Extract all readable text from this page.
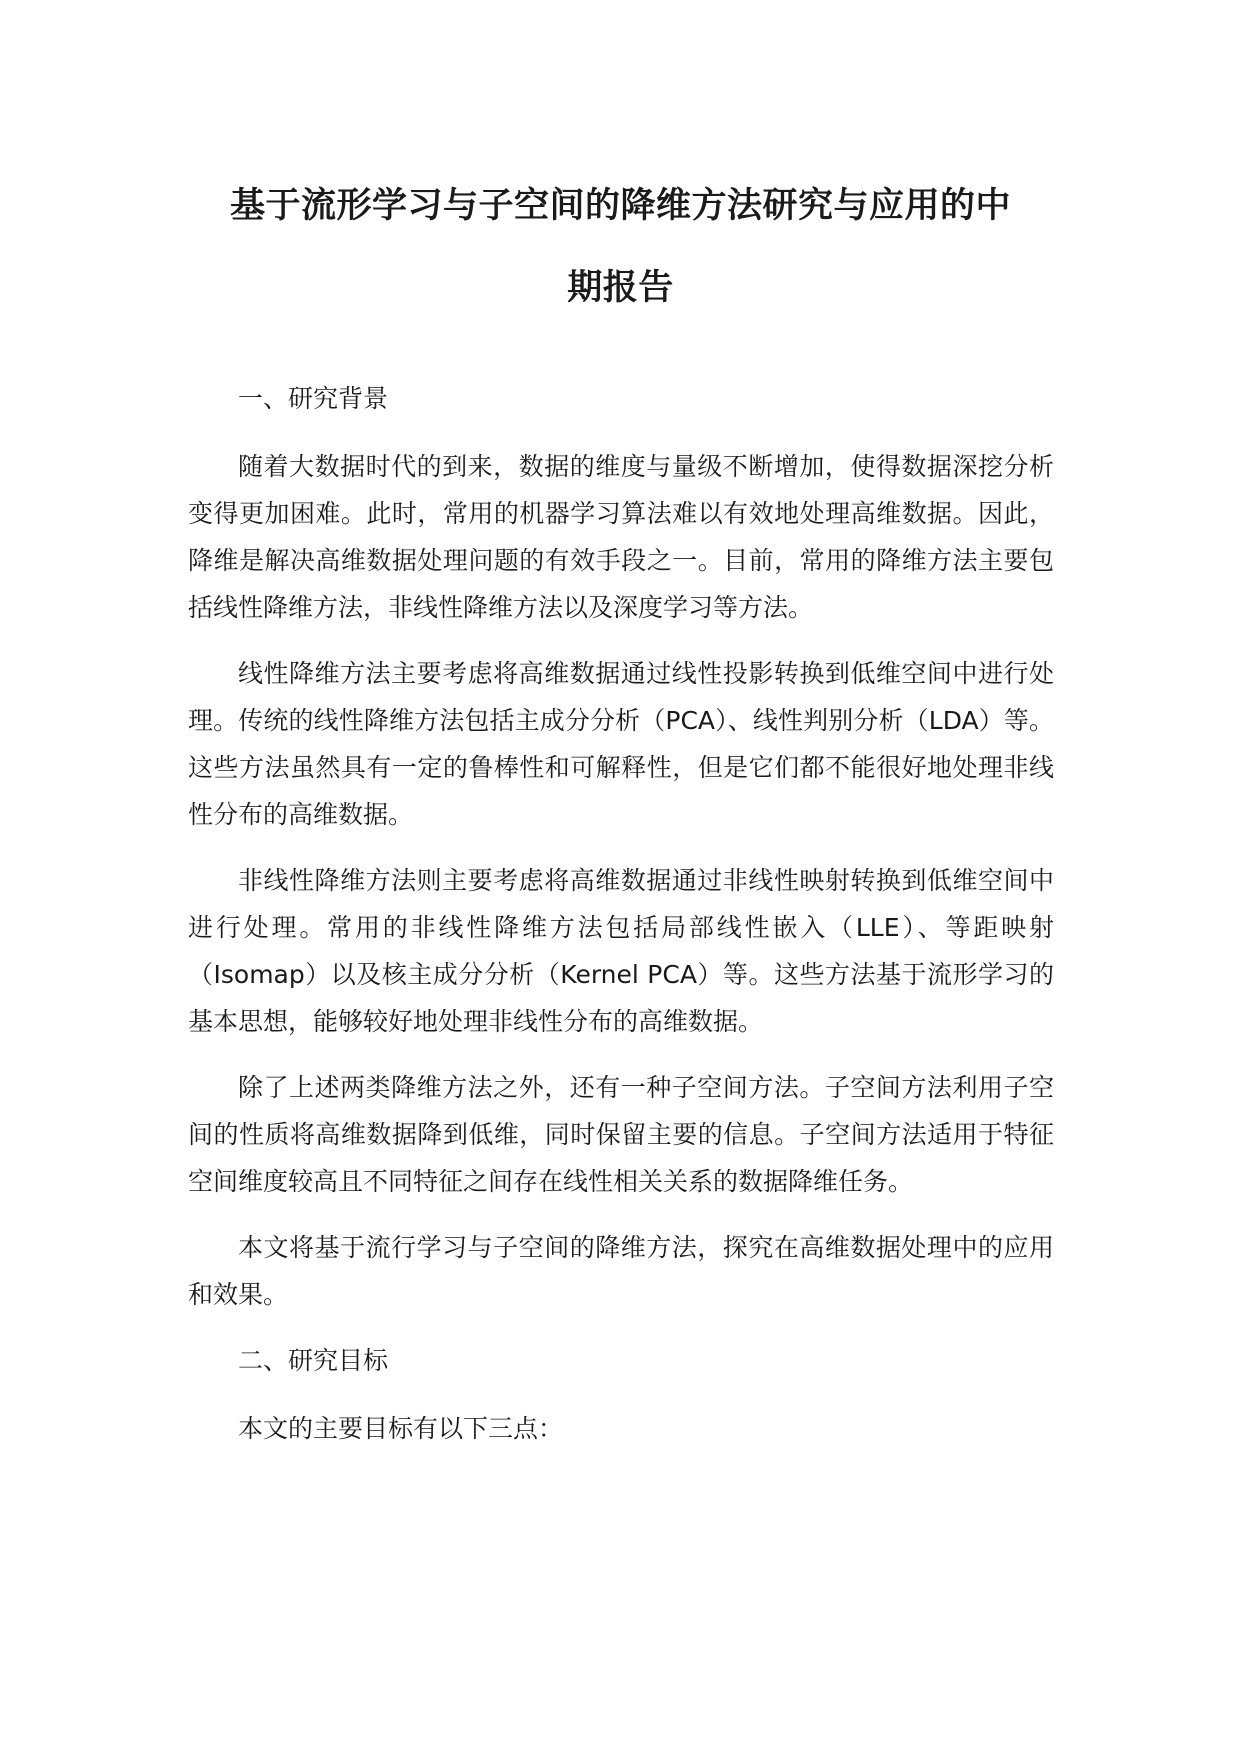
基于流形学习与子空间的降维方法研究与应用的中
期报告

一、研究背景

随着大数据时代的到来，数据的维度与量级不断增加，使得数据深挖分析变得更加困难。此时，常用的机器学习算法难以有效地处理高维数据。因此，降维是解决高维数据处理问题的有效手段之一。目前，常用的降维方法主要包括线性降维方法，非线性降维方法以及深度学习等方法。

线性降维方法主要考虑将高维数据通过线性投影转换到低维空间中进行处理。传统的线性降维方法包括主成分分析（PCA）、线性判别分析（LDA）等。这些方法虽然具有一定的鲁棒性和可解释性，但是它们都不能很好地处理非线性分布的高维数据。

非线性降维方法则主要考虑将高维数据通过非线性映射转换到低维空间中进行处理。常用的非线性降维方法包括局部线性嵌入（LLE）、等距映射（Isomap）以及核主成分分析（Kernel PCA）等。这些方法基于流形学习的基本思想，能够较好地处理非线性分布的高维数据。

除了上述两类降维方法之外，还有一种子空间方法。子空间方法利用子空间的性质将高维数据降到低维，同时保留主要的信息。子空间方法适用于特征空间维度较高且不同特征之间存在线性相关关系的数据降维任务。

本文将基于流行学习与子空间的降维方法，探究在高维数据处理中的应用和效果。

二、研究目标

本文的主要目标有以下三点：
